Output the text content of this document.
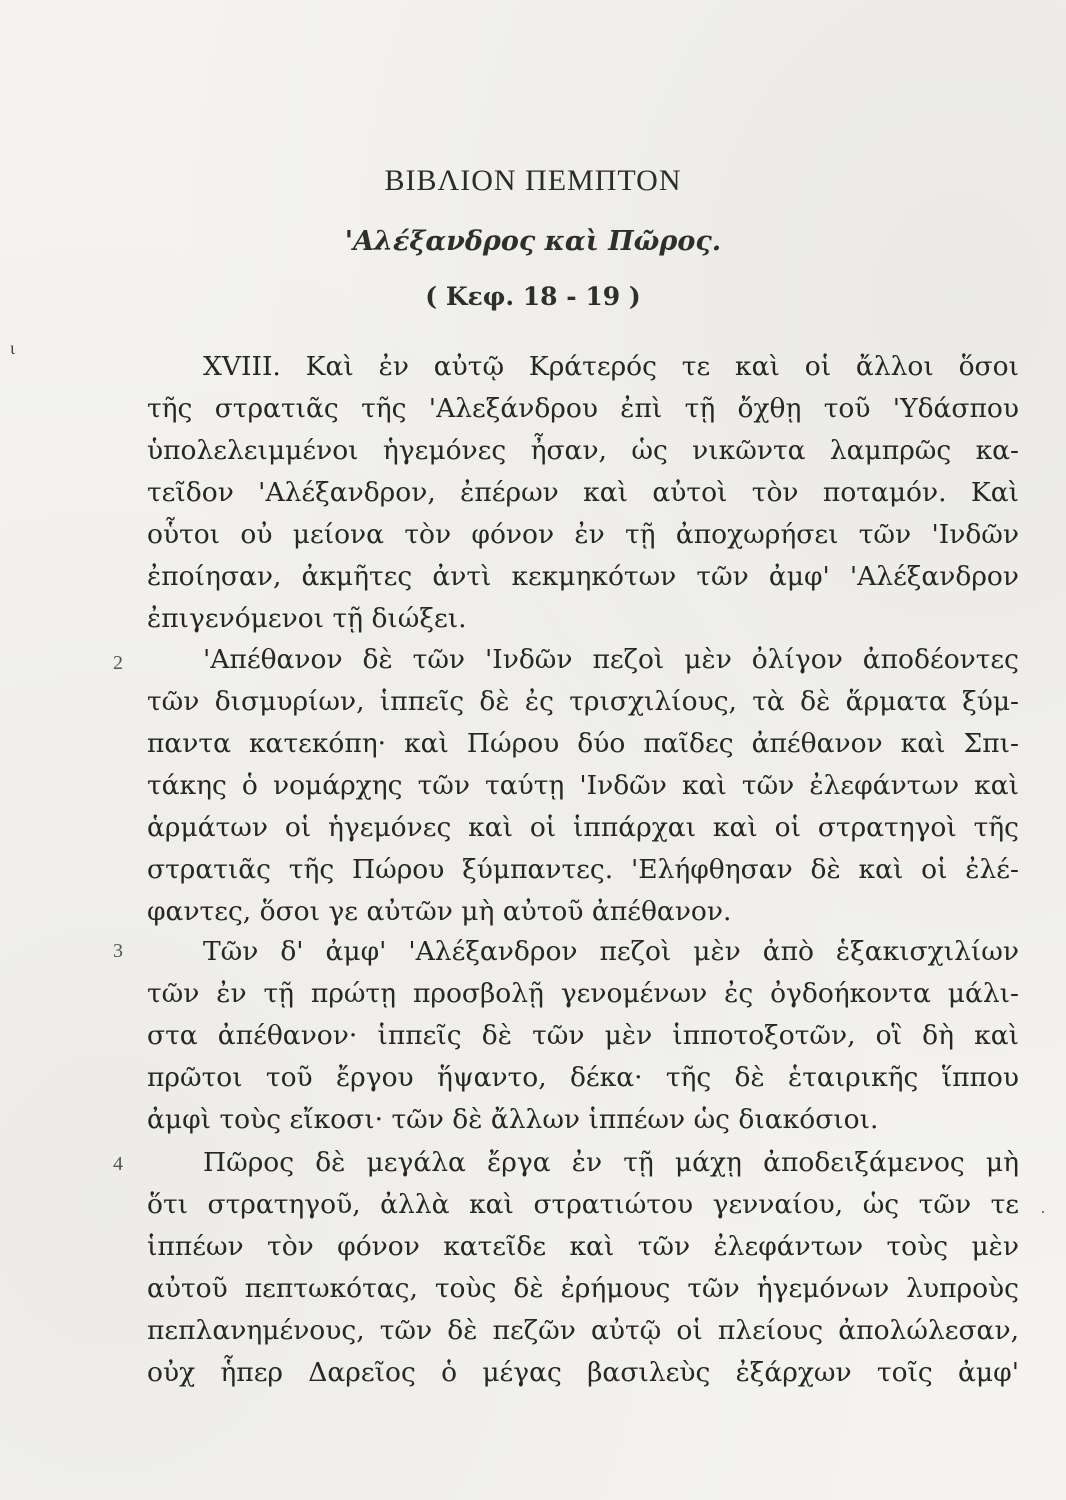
ι
.
ΒΙΒΛΙΟΝ ΠΕΜΠΤΟΝ
'Αλέξανδρος καὶ Πῶρος.
( Κεφ. 18 - 19 )
2
3
4
XVIII. Καὶ ἐν αὐτῷ Κράτερός τε καὶ οἱ ἄλλοι ὅσοι
τῆς στρατιᾶς τῆς 'Αλεξάνδρου ἐπὶ τῇ ὄχθῃ τοῦ 'Υδάσπου
ὑπολελειμμένοι ἡγεμόνες ἦσαν, ὡς νικῶντα λαμπρῶς κα-
τεῖδον 'Αλέξανδρον, ἐπέρων καὶ αὐτοὶ τὸν ποταμόν. Καὶ
οὗτοι οὐ μείονα τὸν φόνον ἐν τῇ ἀποχωρήσει τῶν 'Ινδῶν
ἐποίησαν, ἀκμῆτες ἀντὶ κεκμηκότων τῶν ἀμφ' 'Αλέξανδρον
ἐπιγενόμενοι τῇ διώξει.
'Απέθανον δὲ τῶν 'Ινδῶν πεζοὶ μὲν ὀλίγον ἀποδέοντες
τῶν δισμυρίων, ἱππεῖς δὲ ἐς τρισχιλίους, τὰ δὲ ἅρματα ξύμ-
παντα κατεκόπη· καὶ Πώρου δύο παῖδες ἀπέθανον καὶ Σπι-
τάκης ὁ νομάρχης τῶν ταύτῃ 'Ινδῶν καὶ τῶν ἐλεφάντων καὶ
ἁρμάτων οἱ ἡγεμόνες καὶ οἱ ἱππάρχαι καὶ οἱ στρατηγοὶ τῆς
στρατιᾶς τῆς Πώρου ξύμπαντες. 'Ελήφθησαν δὲ καὶ οἱ ἐλέ-
φαντες, ὅσοι γε αὐτῶν μὴ αὐτοῦ ἀπέθανον.
Τῶν δ' ἀμφ' 'Αλέξανδρον πεζοὶ μὲν ἀπὸ ἑξακισχιλίων
τῶν ἐν τῇ πρώτῃ προσβολῇ γενομένων ἐς ὀγδοήκοντα μάλι-
στα ἀπέθανον· ἱππεῖς δὲ τῶν μὲν ἱπποτοξοτῶν, οἳ δὴ καὶ
πρῶτοι τοῦ ἔργου ἥψαντο, δέκα· τῆς δὲ ἑταιρικῆς ἵππου
ἀμφὶ τοὺς εἴκοσι· τῶν δὲ ἄλλων ἱππέων ὡς διακόσιοι.
Πῶρος δὲ μεγάλα ἔργα ἐν τῇ μάχῃ ἀποδειξάμενος μὴ
ὅτι στρατηγοῦ, ἀλλὰ καὶ στρατιώτου γενναίου, ὡς τῶν τε
ἱππέων τὸν φόνον κατεῖδε καὶ τῶν ἐλεφάντων τοὺς μὲν
αὐτοῦ πεπτωκότας, τοὺς δὲ ἐρήμους τῶν ἡγεμόνων λυπροὺς
πεπλανημένους, τῶν δὲ πεζῶν αὐτῷ οἱ πλείους ἀπολώλεσαν,
οὐχ ἧπερ Δαρεῖος ὁ μέγας βασιλεὺς ἐξάρχων τοῖς ἀμφ'
